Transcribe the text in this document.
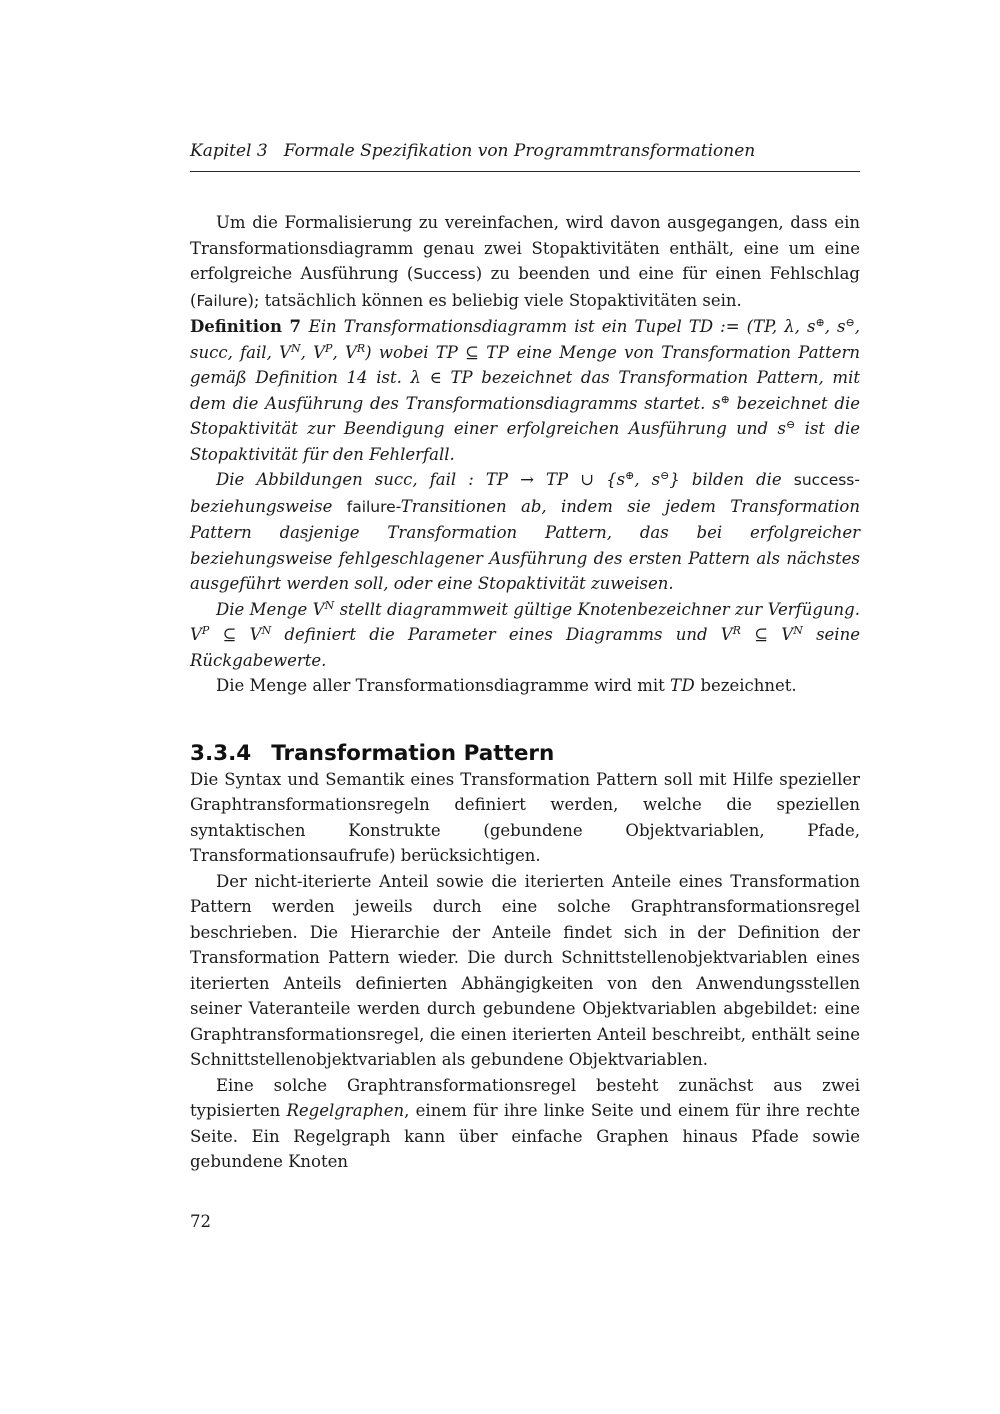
Kapitel 3 Formale Spezifikation von Programmtransformationen

Um die Formalisierung zu vereinfachen, wird davon ausgegangen, dass ein Transformationsdiagramm genau zwei Stopaktivitäten enthält, eine um eine erfolgreiche Ausführung (Success) zu beenden und eine für einen Fehlschlag (Failure); tatsächlich können es beliebig viele Stopaktivitäten sein.

Definition 7 Ein Transformationsdiagramm ist ein Tupel TD := (TP, λ, s⊕, s⊖, succ, fail, $V^N$, $V^P$, $V^R$) wobei TP ⊆ TP eine Menge von Transformation Pattern gemäß Definition 14 ist. λ ∈ TP bezeichnet das Transformation Pattern, mit dem die Ausführung des Transformationsdiagramms startet. s⊕ bezeichnet die Stopaktivität zur Beendigung einer erfolgreichen Ausführung und s⊖ ist die Stopaktivität für den Fehlerfall.

Die Abbildungen succ, fail : TP → TP ∪ {s⊕, s⊖} bilden die success- beziehungsweise failure-Transitionen ab, indem sie jedem Transformation Pattern dasjenige Transformation Pattern, das bei erfolgreicher beziehungsweise fehlgeschlagener Ausführung des ersten Pattern als nächstes ausgeführt werden soll, oder eine Stopaktivität zuweisen.

Die Menge $V^N$ stellt diagrammweit gültige Knotenbezeichner zur Verfügung. $V^P$ ⊆ $V^N$ definiert die Parameter eines Diagramms und $V^R$ ⊆ $V^N$ seine Rückgabewerte.

Die Menge aller Transformationsdiagramme wird mit TD bezeichnet.

3.3.4 Transformation Pattern

Die Syntax und Semantik eines Transformation Pattern soll mit Hilfe spezieller Graphtransformationsregeln definiert werden, welche die speziellen syntaktischen Konstrukte (gebundene Objektvariablen, Pfade, Transformationsaufrufe) berücksichtigen.

Der nicht-iterierte Anteil sowie die iterierten Anteile eines Transformation Pattern werden jeweils durch eine solche Graphtransformationsregel beschrieben. Die Hierarchie der Anteile findet sich in der Definition der Transformation Pattern wieder. Die durch Schnittstellenobjektvariablen eines iterierten Anteils definierten Abhängigkeiten von den Anwendungsstellen seiner Vateranteile werden durch gebundene Objektvariablen abgebildet: eine Graphtransformationsregel, die einen iterierten Anteil beschreibt, enthält seine Schnittstellenobjektvariablen als gebundene Objektvariablen.

Eine solche Graphtransformationsregel besteht zunächst aus zwei typisierten Regelgraphen, einem für ihre linke Seite und einem für ihre rechte Seite. Ein Regelgraph kann über einfache Graphen hinaus Pfade sowie gebundene Knoten

72
